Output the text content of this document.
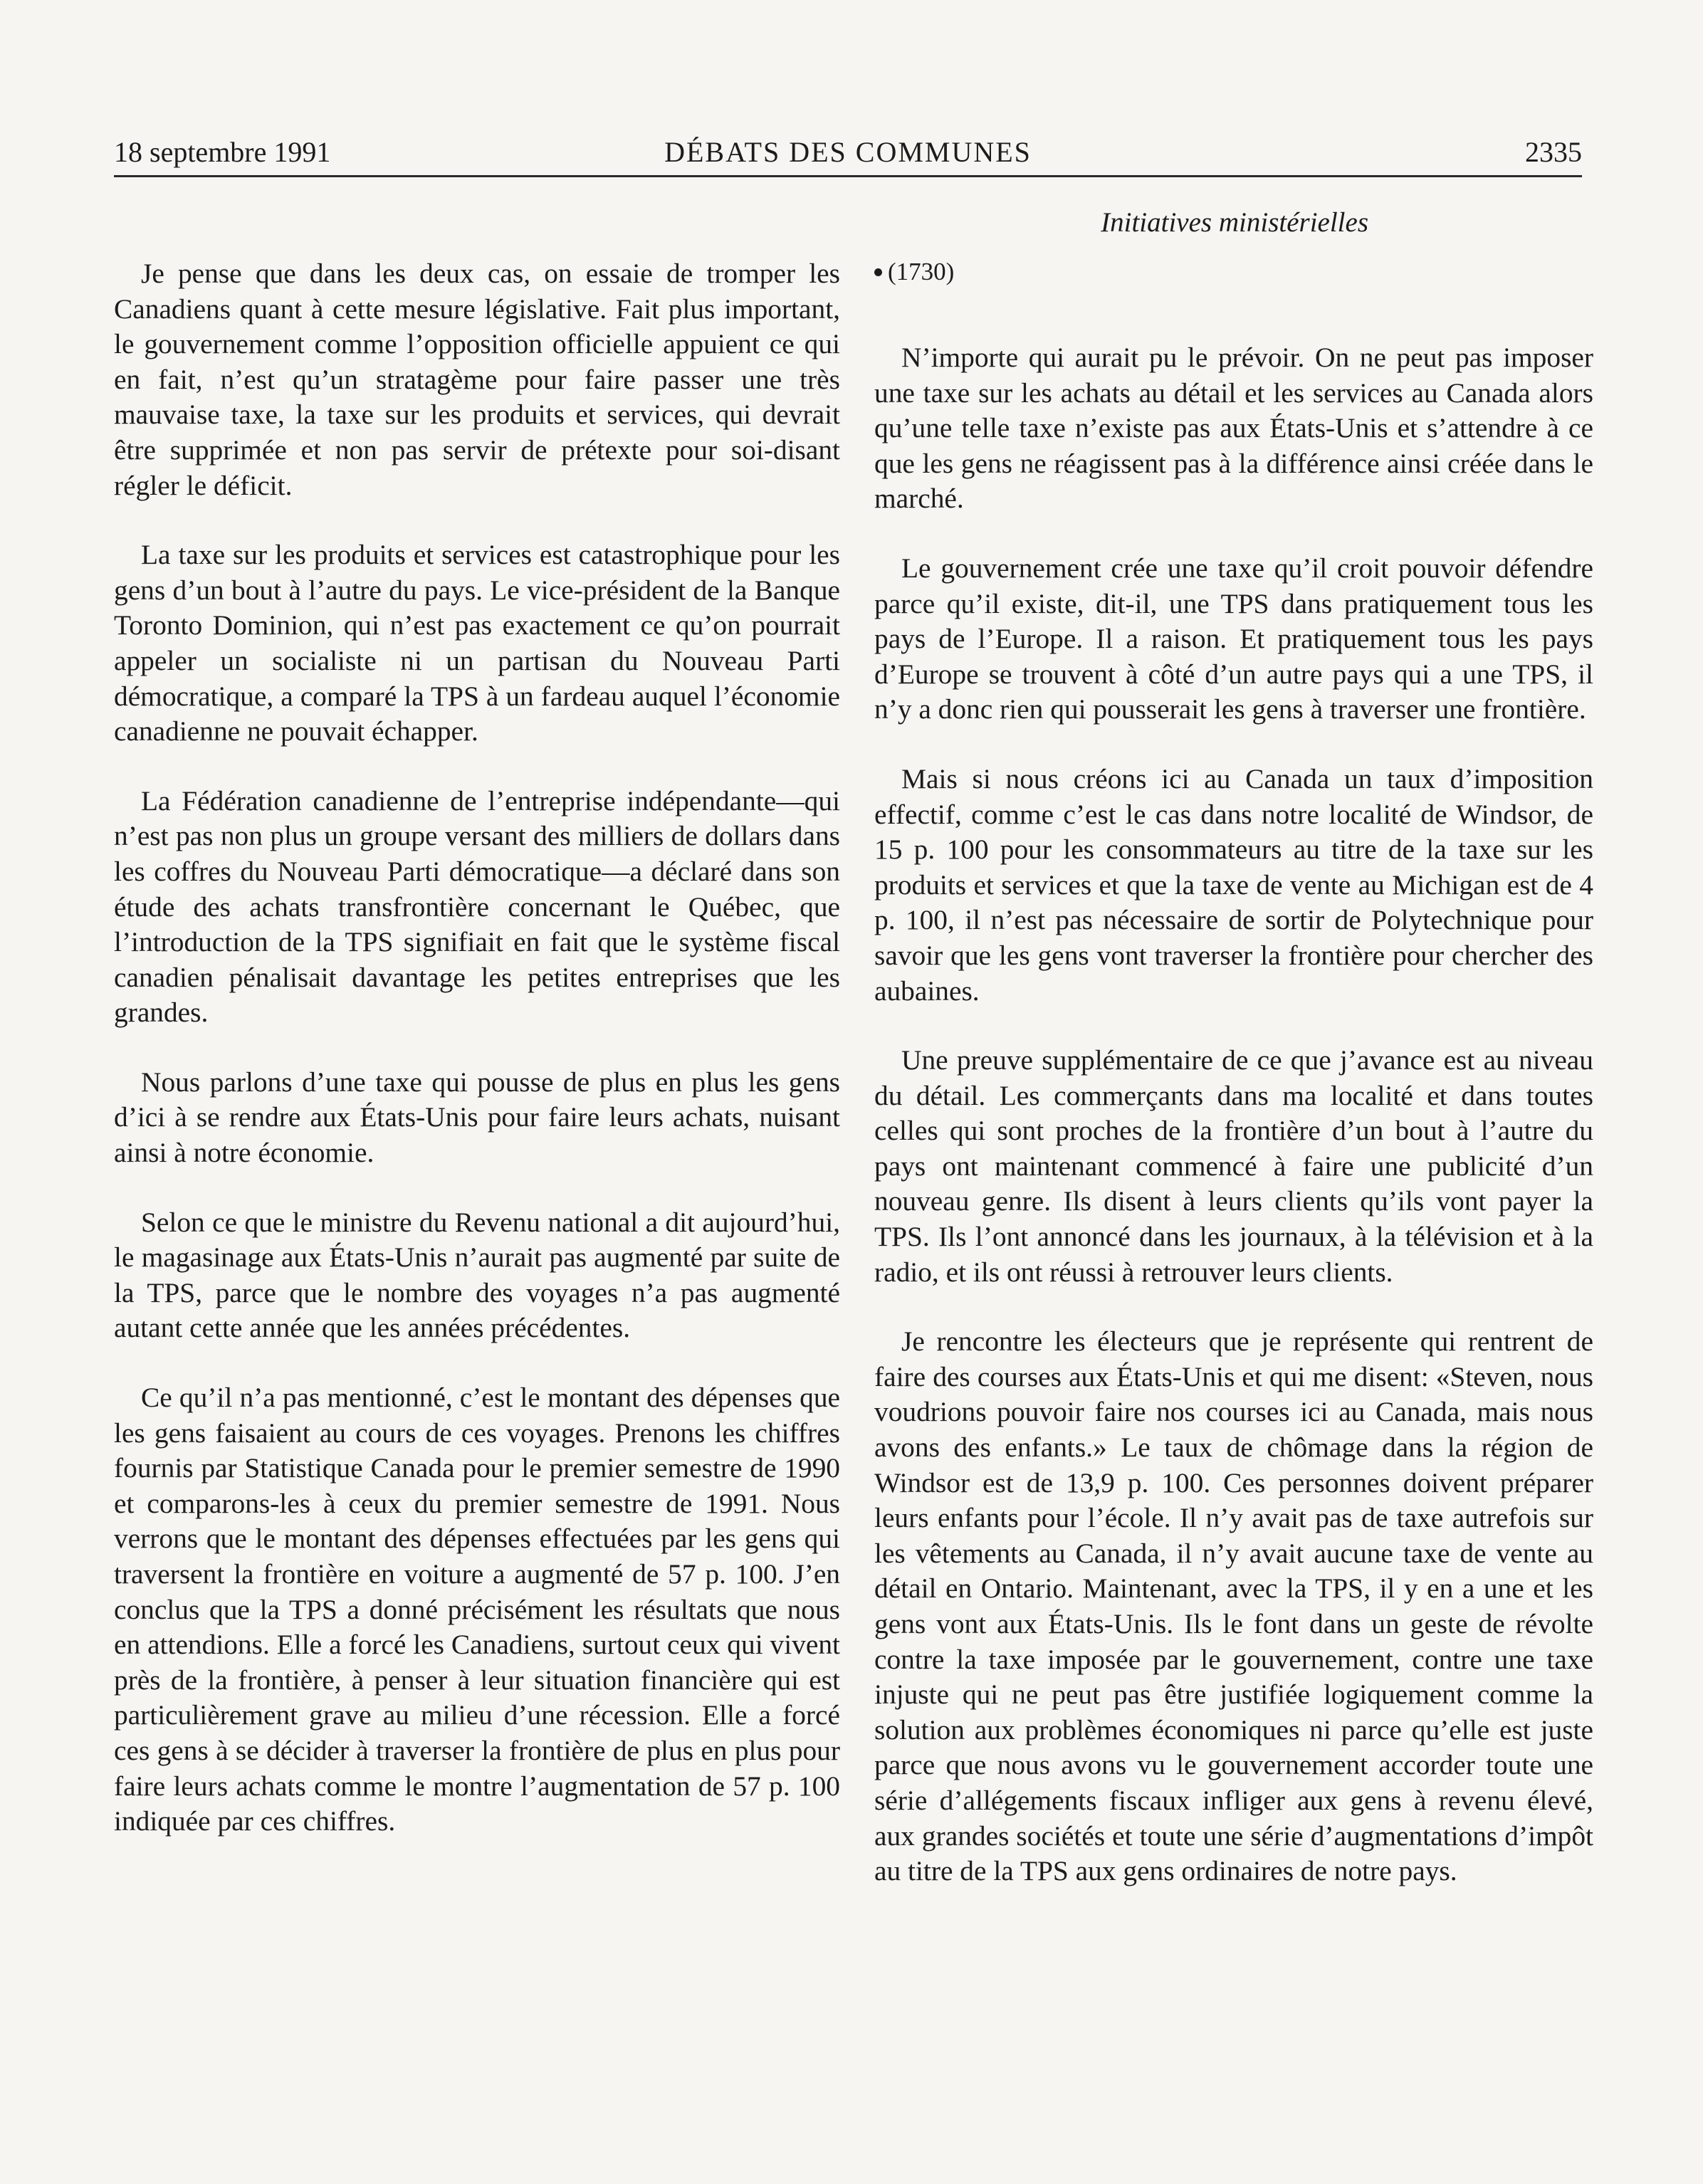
18 septembre 1991	DÉBATS DES COMMUNES	2335
Initiatives ministérielles

Je pense que dans les deux cas, on essaie de tromper les Canadiens quant à cette mesure législative. Fait plus important, le gouvernement comme l’opposition officielle appuient ce qui en fait, n’est qu’un stratagème pour faire passer une très mauvaise taxe, la taxe sur les produits et services, qui devrait être supprimée et non pas servir de prétexte pour soi-disant régler le déficit.

La taxe sur les produits et services est catastrophique pour les gens d’un bout à l’autre du pays. Le vice-président de la Banque Toronto Dominion, qui n’est pas exactement ce qu’on pourrait appeler un socialiste ni un partisan du Nouveau Parti démocratique, a comparé la TPS à un fardeau auquel l’économie canadienne ne pouvait échapper.

La Fédération canadienne de l’entreprise indépendante—qui n’est pas non plus un groupe versant des milliers de dollars dans les coffres du Nouveau Parti démocratique—a déclaré dans son étude des achats transfrontière concernant le Québec, que l’introduction de la TPS signifiait en fait que le système fiscal canadien pénalisait davantage les petites entreprises que les grandes.

Nous parlons d’une taxe qui pousse de plus en plus les gens d’ici à se rendre aux États-Unis pour faire leurs achats, nuisant ainsi à notre économie.

Selon ce que le ministre du Revenu national a dit aujourd’hui, le magasinage aux États-Unis n’aurait pas augmenté par suite de la TPS, parce que le nombre des voyages n’a pas augmenté autant cette année que les années précédentes.

Ce qu’il n’a pas mentionné, c’est le montant des dépenses que les gens faisaient au cours de ces voyages. Prenons les chiffres fournis par Statistique Canada pour le premier semestre de 1990 et comparons-les à ceux du premier semestre de 1991. Nous verrons que le montant des dépenses effectuées par les gens qui traversent la frontière en voiture a augmenté de 57 p. 100. J’en conclus que la TPS a donné précisément les résultats que nous en attendions. Elle a forcé les Canadiens, surtout ceux qui vivent près de la frontière, à penser à leur situation financière qui est particulièrement grave au milieu d’une récession. Elle a forcé ces gens à se décider à traverser la frontière de plus en plus pour faire leurs achats comme le montre l’augmentation de 57 p. 100 indiquée par ces chiffres.

(1730)

N’importe qui aurait pu le prévoir. On ne peut pas imposer une taxe sur les achats au détail et les services au Canada alors qu’une telle taxe n’existe pas aux États-Unis et s’attendre à ce que les gens ne réagissent pas à la différence ainsi créée dans le marché.

Le gouvernement crée une taxe qu’il croit pouvoir défendre parce qu’il existe, dit-il, une TPS dans pratiquement tous les pays de l’Europe. Il a raison. Et pratiquement tous les pays d’Europe se trouvent à côté d’un autre pays qui a une TPS, il n’y a donc rien qui pousserait les gens à traverser une frontière.

Mais si nous créons ici au Canada un taux d’imposition effectif, comme c’est le cas dans notre localité de Windsor, de 15 p. 100 pour les consommateurs au titre de la taxe sur les produits et services et que la taxe de vente au Michigan est de 4 p. 100, il n’est pas nécessaire de sortir de Polytechnique pour savoir que les gens vont traverser la frontière pour chercher des aubaines.

Une preuve supplémentaire de ce que j’avance est au niveau du détail. Les commerçants dans ma localité et dans toutes celles qui sont proches de la frontière d’un bout à l’autre du pays ont maintenant commencé à faire une publicité d’un nouveau genre. Ils disent à leurs clients qu’ils vont payer la TPS. Ils l’ont annoncé dans les journaux, à la télévision et à la radio, et ils ont réussi à retrouver leurs clients.

Je rencontre les électeurs que je représente qui rentrent de faire des courses aux États-Unis et qui me disent: «Steven, nous voudrions pouvoir faire nos courses ici au Canada, mais nous avons des enfants.» Le taux de chômage dans la région de Windsor est de 13,9 p. 100. Ces personnes doivent préparer leurs enfants pour l’école. Il n’y avait pas de taxe autrefois sur les vêtements au Canada, il n’y avait aucune taxe de vente au détail en Ontario. Maintenant, avec la TPS, il y en a une et les gens vont aux États-Unis. Ils le font dans un geste de révolte contre la taxe imposée par le gouvernement, contre une taxe injuste qui ne peut pas être justifiée logiquement comme la solution aux problèmes économiques ni parce qu’elle est juste parce que nous avons vu le gouvernement accorder toute une série d’allégements fiscaux infliger aux gens à revenu élevé, aux grandes sociétés et toute une série d’augmentations d’impôt au titre de la TPS aux gens ordinaires de notre pays.
